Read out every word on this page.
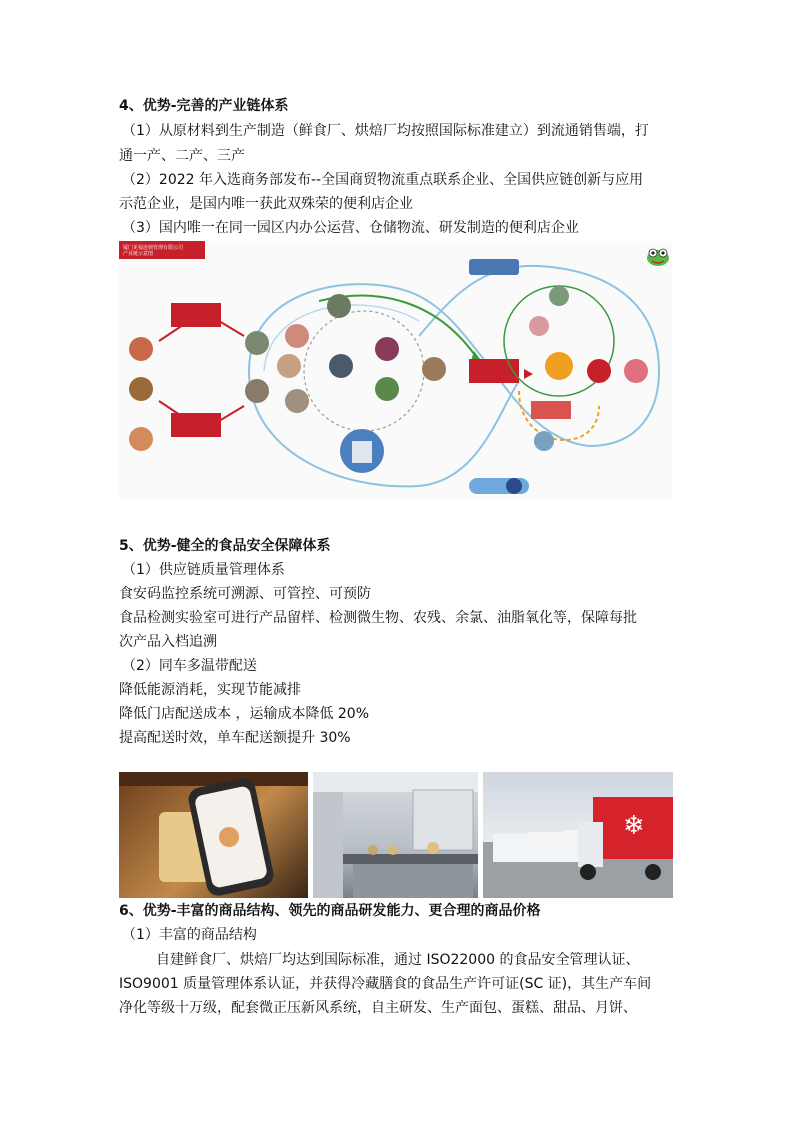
4、优势-完善的产业链体系
（1）从原材料到生产制造（鲜食厂、烘焙厂均按照国际标准建立）到流通销售端，打
通一产、二产、三产
（2）2022 年入选商务部发布--全国商贸物流重点联系企业、全国供应链创新与应用
示范企业，是国内唯一获此双殊荣的便利店企业
（3）国内唯一在同一园区内办公运营、仓储物流、研发制造的便利店企业
厦门见福连锁管理有限公司
产业链示意图
5、优势-健全的食品安全保障体系
（1）供应链质量管理体系
食安码监控系统可溯源、可管控、可预防
食品检测实验室可进行产品留样、检测微生物、农残、余氯、油脂氧化等，保障每批
次产品入档追溯
（2）同车多温带配送
降低能源消耗，实现节能减排
降低门店配送成本 ，运输成本降低 20%
提高配送时效，单车配送额提升 30%
❄
6、优势-丰富的商品结构、领先的商品研发能力、更合理的商品价格
（1）丰富的商品结构
自建鲜食厂、烘焙厂均达到国际标准，通过 ISO22000 的食品安全管理认证、
ISO9001 质量管理体系认证，并获得冷藏膳食的食品生产许可证(SC 证)，其生产车间
净化等级十万级，配套微正压新风系统，自主研发、生产面包、蛋糕、甜品、月饼、
